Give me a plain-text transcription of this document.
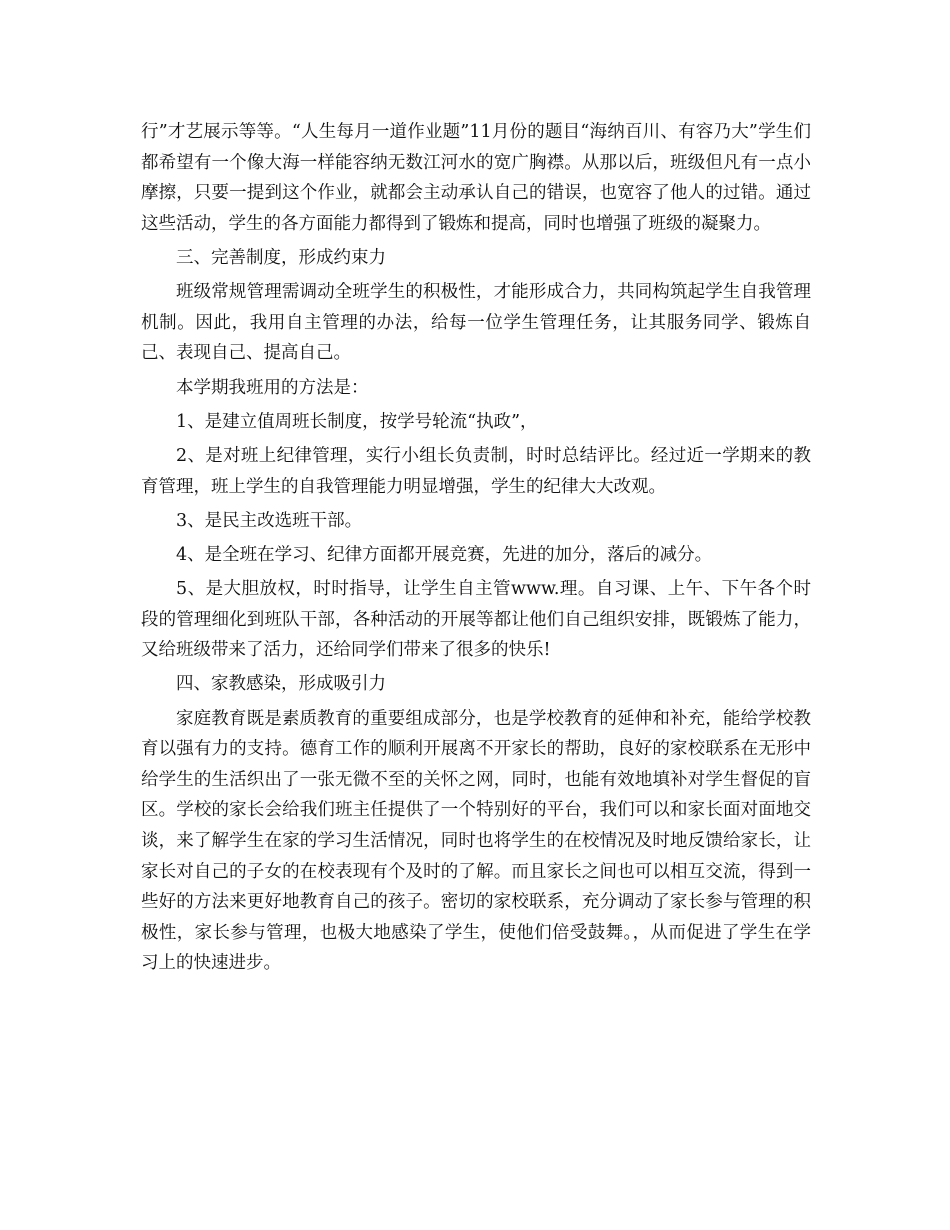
行”才艺展示等等。“人生每月一道作业题”11月份的题目“海纳百川、有容乃大”学生们都希望有一个像大海一样能容纳无数江河水的宽广胸襟。从那以后，班级但凡有一点小摩擦，只要一提到这个作业，就都会主动承认自己的错误，也宽容了他人的过错。通过这些活动，学生的各方面能力都得到了锻炼和提高，同时也增强了班级的凝聚力。

三、完善制度，形成约束力

班级常规管理需调动全班学生的积极性，才能形成合力，共同构筑起学生自我管理机制。因此，我用自主管理的办法，给每一位学生管理任务，让其服务同学、锻炼自己、表现自己、提高自己。

本学期我班用的方法是：

1、是建立值周班长制度，按学号轮流“执政”，

2、是对班上纪律管理，实行小组长负责制，时时总结评比。经过近一学期来的教育管理，班上学生的自我管理能力明显增强，学生的纪律大大改观。

3、是民主改选班干部。

4、是全班在学习、纪律方面都开展竞赛，先进的加分，落后的减分。

5、是大胆放权，时时指导，让学生自主管www.理。自习课、上午、下午各个时段的管理细化到班队干部，各种活动的开展等都让他们自己组织安排，既锻炼了能力，又给班级带来了活力，还给同学们带来了很多的快乐!

四、家教感染，形成吸引力

家庭教育既是素质教育的重要组成部分，也是学校教育的延伸和补充，能给学校教育以强有力的支持。德育工作的顺利开展离不开家长的帮助，良好的家校联系在无形中给学生的生活织出了一张无微不至的关怀之网，同时，也能有效地填补对学生督促的盲区。学校的家长会给我们班主任提供了一个特别好的平台，我们可以和家长面对面地交谈，来了解学生在家的学习生活情况，同时也将学生的在校情况及时地反馈给家长，让家长对自己的子女的在校表现有个及时的了解。而且家长之间也可以相互交流，得到一些好的方法来更好地教育自己的孩子。密切的家校联系，充分调动了家长参与管理的积极性，家长参与管理，也极大地感染了学生，使他们倍受鼓舞。，从而促进了学生在学习上的快速进步。
